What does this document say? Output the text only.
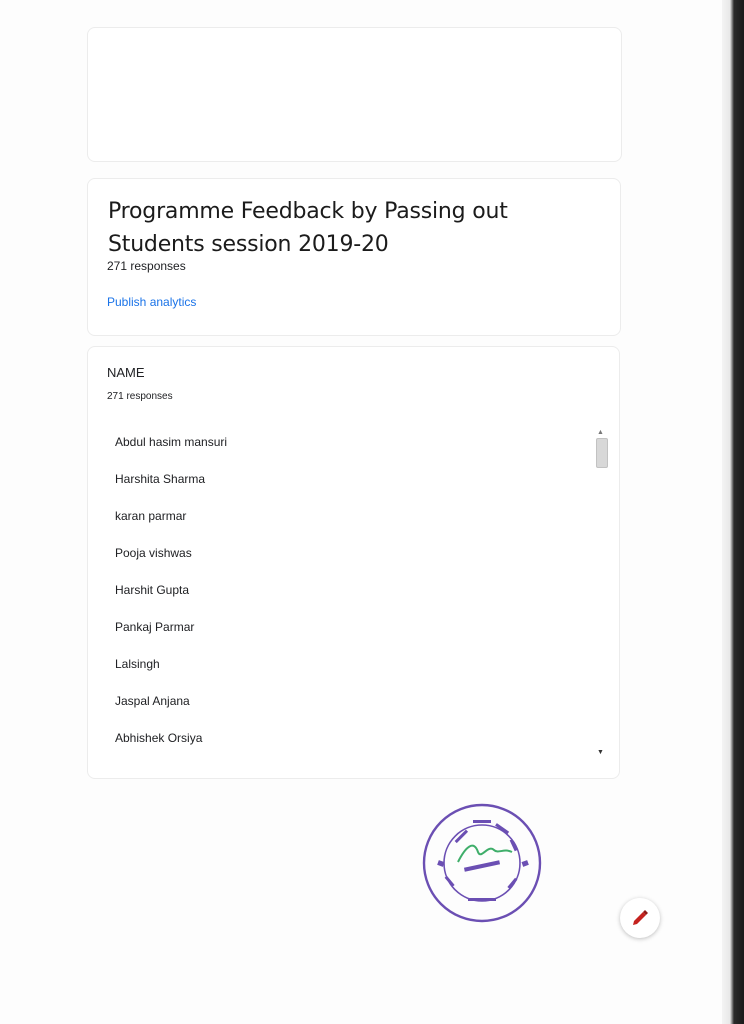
Programme Feedback by Passing out Students session 2019-20
271 responses
Publish analytics
NAME
271 responses
Abdul hasim mansuri
Harshita Sharma
karan parmar
Pooja vishwas
Harshit Gupta
Pankaj Parmar
Lalsingh
Jaspal Anjana
Abhishek Orsiya
▲
▼
